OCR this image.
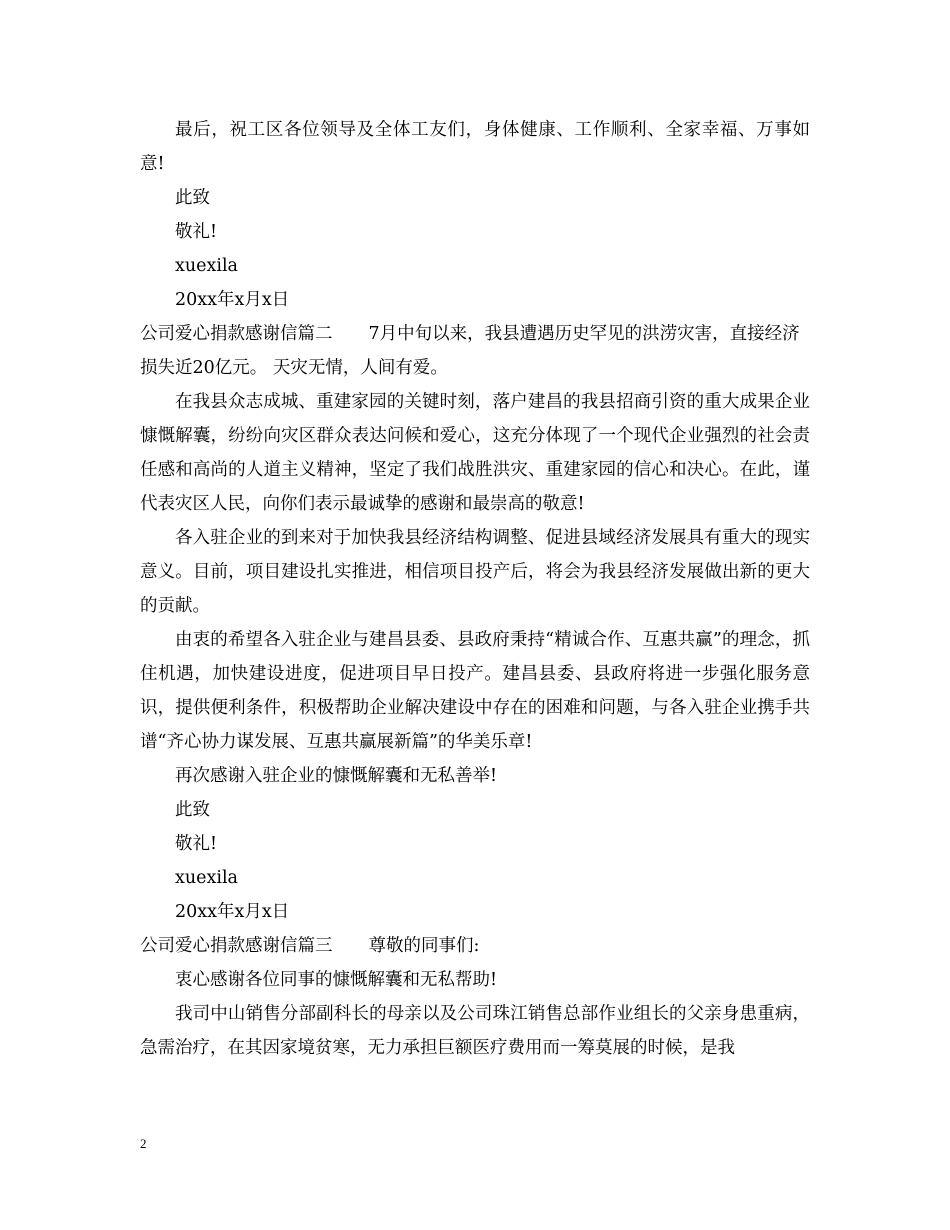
最后，祝工区各位领导及全体工友们，身体健康、工作顺利、全家幸福、万事如意!

此致

敬礼!

xuexila

20xx年x月x日

公司爱心捐款感谢信篇二 7月中旬以来，我县遭遇历史罕见的洪涝灾害，直接经济损失近20亿元。 天灾无情，人间有爱。

在我县众志成城、重建家园的关键时刻，落户建昌的我县招商引资的重大成果企业慷慨解囊，纷纷向灾区群众表达问候和爱心，这充分体现了一个现代企业强烈的社会责任感和高尚的人道主义精神，坚定了我们战胜洪灾、重建家园的信心和决心。在此，谨代表灾区人民，向你们表示最诚挚的感谢和最崇高的敬意!

各入驻企业的到来对于加快我县经济结构调整、促进县域经济发展具有重大的现实意义。目前，项目建设扎实推进，相信项目投产后，将会为我县经济发展做出新的更大的贡献。

由衷的希望各入驻企业与建昌县委、县政府秉持“精诚合作、互惠共赢”的理念，抓住机遇，加快建设进度，促进项目早日投产。建昌县委、县政府将进一步强化服务意识，提供便利条件，积极帮助企业解决建设中存在的困难和问题，与各入驻企业携手共谱“齐心协力谋发展、互惠共赢展新篇”的华美乐章!

再次感谢入驻企业的慷慨解囊和无私善举!

此致

敬礼!

xuexila

20xx年x月x日

公司爱心捐款感谢信篇三 尊敬的同事们:

衷心感谢各位同事的慷慨解囊和无私帮助!

我司中山销售分部副科长的母亲以及公司珠江销售总部作业组长的父亲身患重病，急需治疗，在其因家境贫寒，无力承担巨额医疗费用而一筹莫展的时候，是我

2
